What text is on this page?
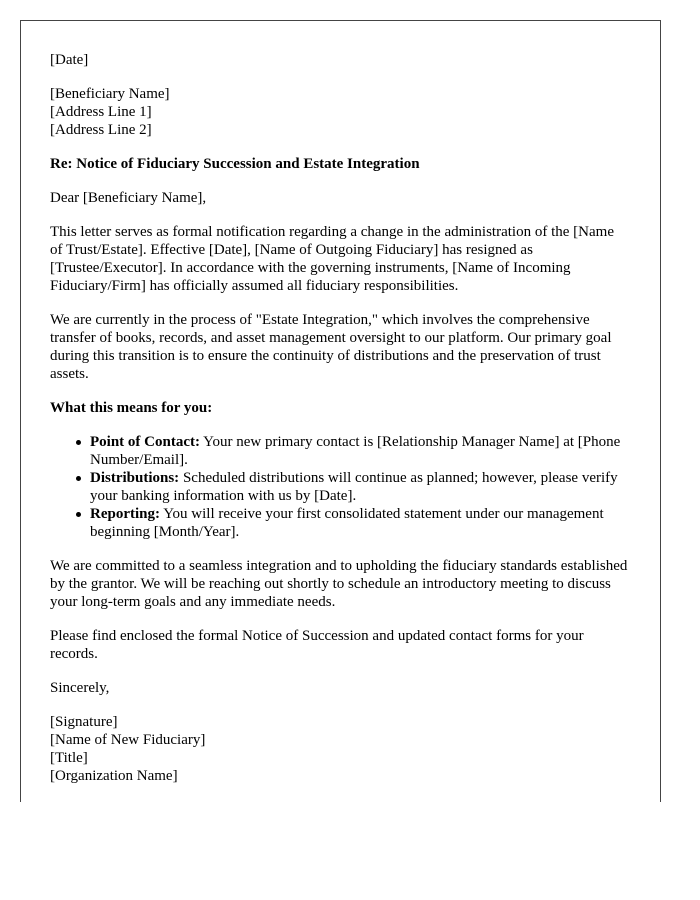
[Date]

[Beneficiary Name]
[Address Line 1]
[Address Line 2]

Re: Notice of Fiduciary Succession and Estate Integration

Dear [Beneficiary Name],

This letter serves as formal notification regarding a change in the administration of the [Name of Trust/Estate]. Effective [Date], [Name of Outgoing Fiduciary] has resigned as [Trustee/Executor]. In accordance with the governing instruments, [Name of Incoming Fiduciary/Firm] has officially assumed all fiduciary responsibilities.

We are currently in the process of "Estate Integration," which involves the comprehensive transfer of books, records, and asset management oversight to our platform. Our primary goal during this transition is to ensure the continuity of distributions and the preservation of trust assets.

What this means for you:

Point of Contact: Your new primary contact is [Relationship Manager Name] at [Phone Number/Email].
Distributions: Scheduled distributions will continue as planned; however, please verify your banking information with us by [Date].
Reporting: You will receive your first consolidated statement under our management beginning [Month/Year].

We are committed to a seamless integration and to upholding the fiduciary standards established by the grantor. We will be reaching out shortly to schedule an introductory meeting to discuss your long-term goals and any immediate needs.

Please find enclosed the formal Notice of Succession and updated contact forms for your records.

Sincerely,

[Signature]
[Name of New Fiduciary]
[Title]
[Organization Name]
